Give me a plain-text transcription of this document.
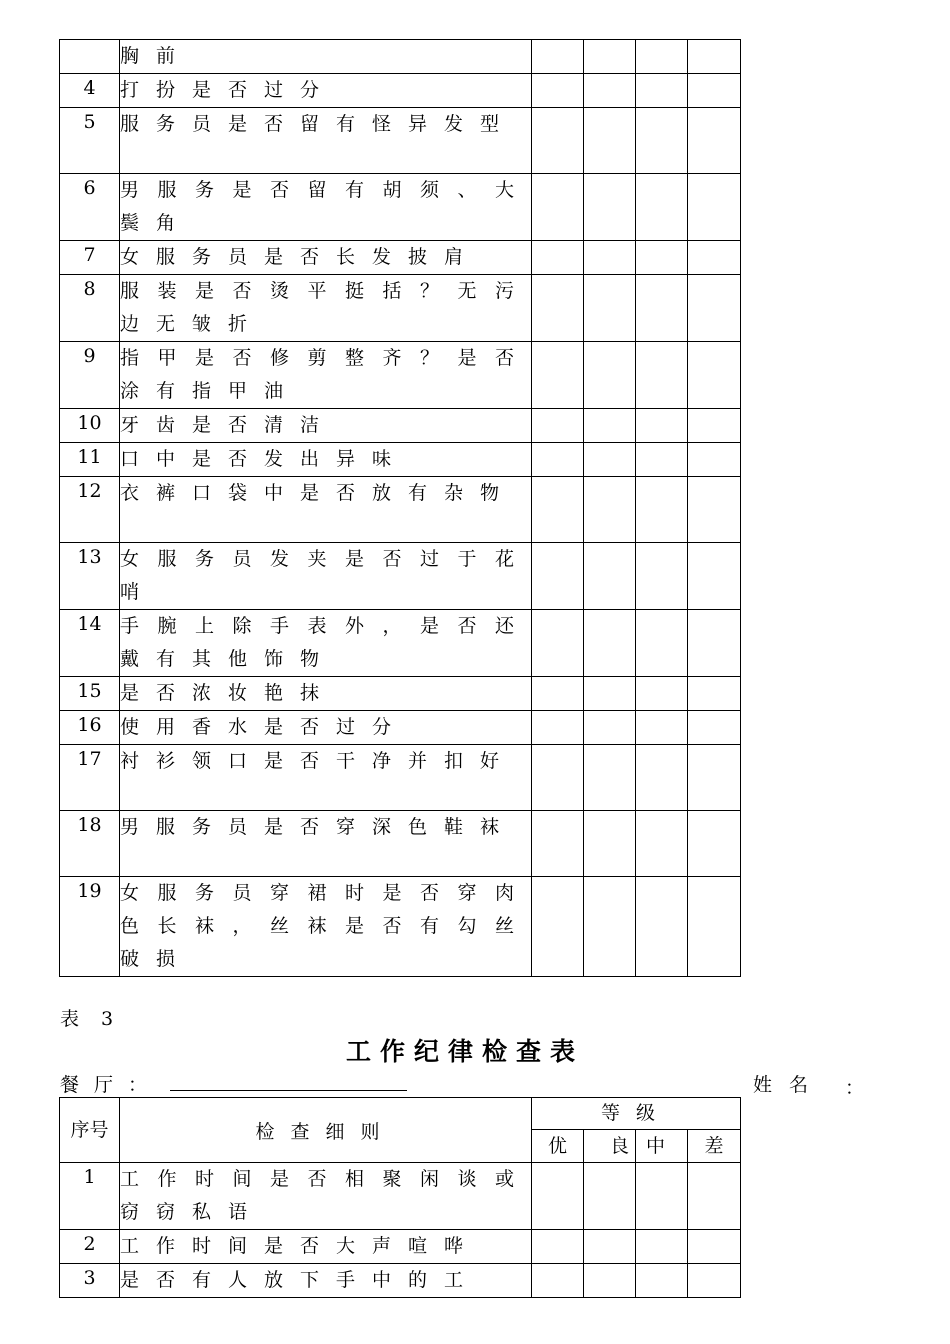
	胸前				
4	打扮是否过分				
5	服务员是否留有怪异发型				
6	男服务是否留有胡须、大鬓角				
7	女服务员是否长发披肩				
8	服装是否烫平挺括？无污边无皱折				
9	指甲是否修剪整齐？是否涂有指甲油				
10	牙齿是否清洁				
11	口中是否发出异味				
12	衣裤口袋中是否放有杂物				
13	女服务员发夹是否过于花哨				
14	手腕上除手表外，是否还戴有其他饰物				
15	是否浓妆艳抹				
16	使用香水是否过分				
17	衬衫领口是否干净并扣好				
18	男服务员是否穿深色鞋袜				
19	女服务员穿裙时是否穿肉色长袜，丝袜是否有勾丝破损				
表 3
工作纪律检查表
餐厅：	姓名 ：
序号	检查细则	等级			
		优	良	中	差
1	工作时间是否相聚闲谈或窃窃私语				
2	工作时间是否大声喧哗				
3	是否有人放下手中的工				
